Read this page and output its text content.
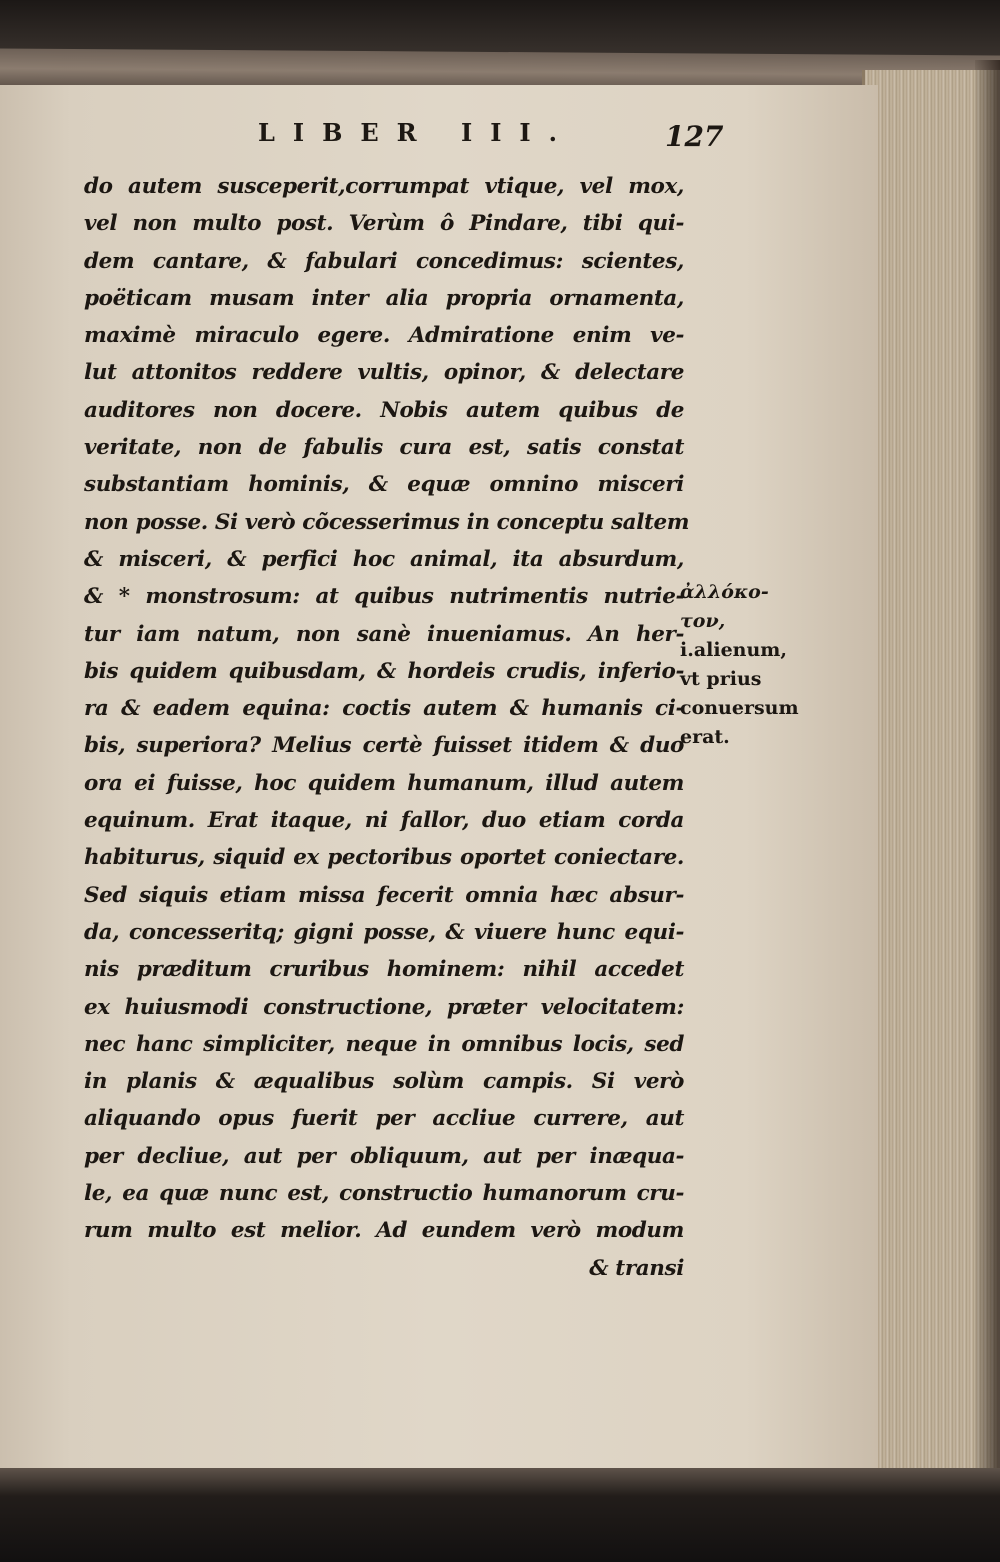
LIBER III.	127
do autem susceperit,corrumpat vtique, vel mox,
vel non multo post. Verùm ô Pindare, tibi qui-
dem cantare, & fabulari concedimus: scientes,
poëticam musam inter alia propria ornamenta,
maximè miraculo egere. Admiratione enim ve-
lut attonitos reddere vultis, opinor, & delectare
auditores non docere. Nobis autem quibus de
veritate, non de fabulis cura est, satis constat
substantiam hominis, & equæ omnino misceri
non posse. Si verò cõcesserimus in conceptu saltem
& misceri, & perfici hoc animal, ita absurdum,
& * monstrosum: at quibus nutrimentis nutrie-
tur iam natum, non sanè inueniamus. An her-
bis quidem quibusdam, & hordeis crudis, inferio-
ra & eadem equina: coctis autem & humanis ci-
bis, superiora? Melius certè fuisset itidem & duo
ora ei fuisse, hoc quidem humanum, illud autem
equinum. Erat itaque, ni fallor, duo etiam corda
habiturus, siquid ex pectoribus oportet coniectare.
Sed siquis etiam missa fecerit omnia hæc absur-
da, concesseritq; gigni posse, & viuere hunc equi-
nis præditum cruribus hominem: nihil accedet
ex huiusmodi constructione, præter velocitatem:
nec hanc simpliciter, neque in omnibus locis, sed
in planis & æqualibus solùm campis. Si verò
aliquando opus fuerit per accliue currere, aut
per decliue, aut per obliquum, aut per inæqua-
le, ea quæ nunc est, constructio humanorum cru-
rum multo est melior. Ad eundem verò modum
& transi
ἀλλόκο-
τον,
i.alienum,
vt prius
conuersum
erat.
